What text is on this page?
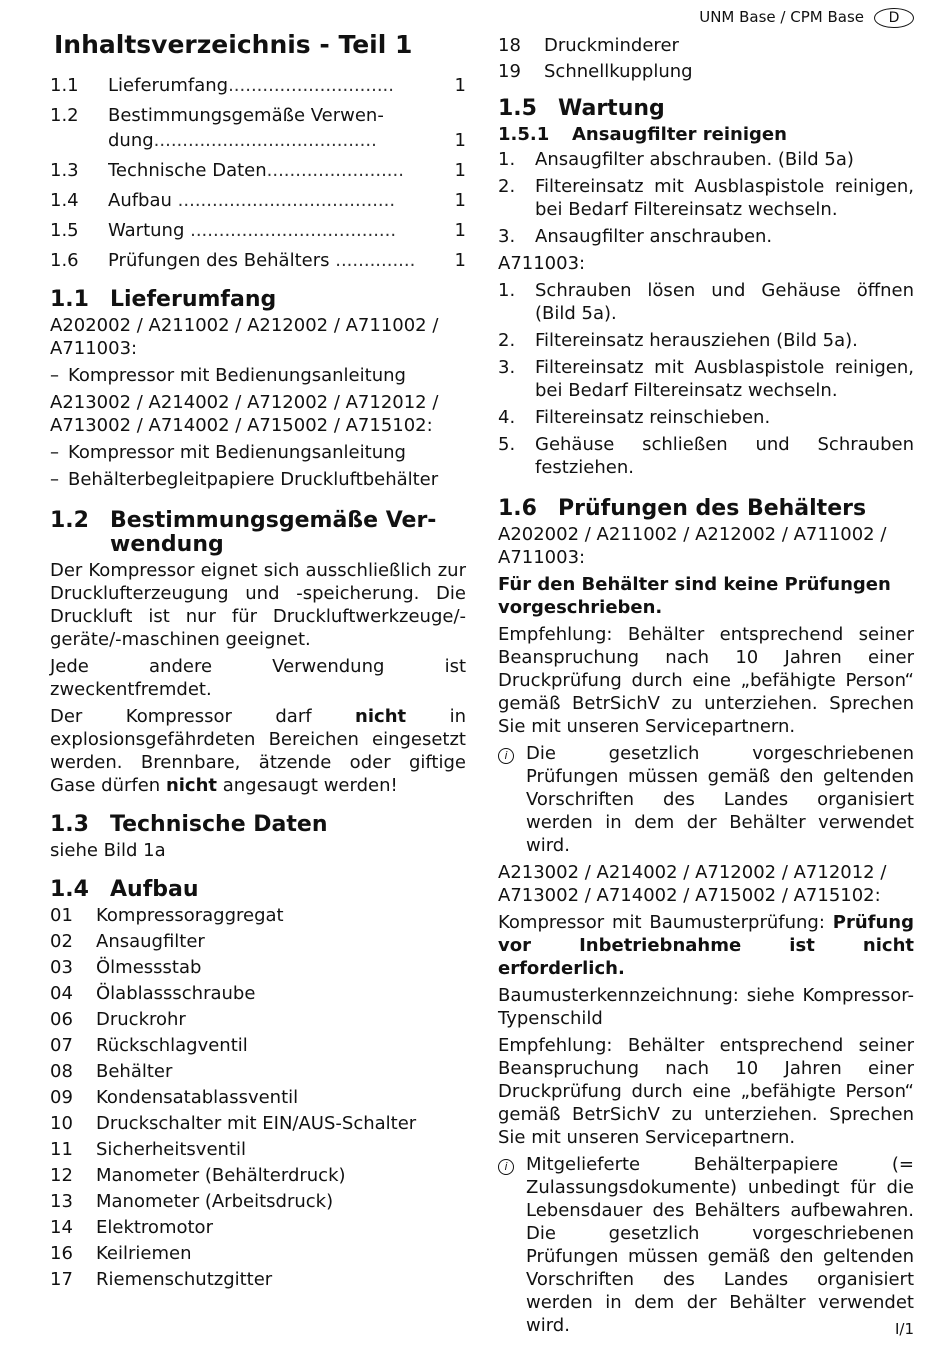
UNM Base / CPM Base D
Inhaltsverzeichnis - Teil 1
1.1	Lieferumfang.............................	1
1.2	Bestimmungsgemäße Verwen-
dung.......................................	1
1.3	Technische Daten........................	1
1.4	Aufbau ......................................	1
1.5	Wartung ....................................	1
1.6	Prüfungen des Behälters ..............	1
1.1 Lieferumfang

A202002 / A211002 / A212002 / A711002 / A711003:

– Kompressor mit Bedienungsanleitung

A213002 / A214002 / A712002 / A712012 / A713002 / A714002 / A715002 / A715102:

– Kompressor mit Bedienungsanleitung
– Behälterbegleitpapiere Druckluftbehälter
1.2 Bestimmungsgemäße Ver-
wendung

Der Kompressor eignet sich ausschließlich zur Drucklufterzeugung und -speicherung. Die Druckluft ist nur für Druckluftwerkzeuge/-geräte/-maschinen geeignet.

Jede andere Verwendung ist zweckentfremdet.

Der Kompressor darf nicht in explosionsgefährdeten Bereichen eingesetzt werden. Brennbare, ätzende oder giftige Gase dürfen nicht angesaugt werden!

1.3 Technische Daten

siehe Bild 1a

1.4 Aufbau
01	Kompressoraggregat
02	Ansaugfilter
03	Ölmessstab
04	Ölablassschraube
06	Druckrohr
07	Rückschlagventil
08	Behälter
09	Kondensatablassventil
10	Druckschalter mit EIN/AUS-Schalter
11	Sicherheitsventil
12	Manometer (Behälterdruck)
13	Manometer (Arbeitsdruck)
14	Elektromotor
16	Keilriemen
17	Riemenschutzgitter
18	Druckminderer
19	Schnellkupplung
1.5 Wartung
1.5.1	Ansaugfilter reinigen
1.	Ansaugfilter abschrauben. (Bild 5a)
2.	Filtereinsatz mit Ausblaspistole reinigen, bei Bedarf Filtereinsatz wechseln.
3.	Ansaugfilter anschrauben.

A711003:

1.	Schrauben lösen und Gehäuse öffnen (Bild 5a).
2.	Filtereinsatz herausziehen (Bild 5a).
3.	Filtereinsatz mit Ausblaspistole reinigen, bei Bedarf Filtereinsatz wechseln.
4.	Filtereinsatz reinschieben.
5.	Gehäuse schließen und Schrauben festziehen.
1.6 Prüfungen des Behälters

A202002 / A211002 / A212002 / A711002 / A711003:

Für den Behälter sind keine Prüfungen vorgeschrieben.

Empfehlung: Behälter entsprechend seiner Beanspruchung nach 10 Jahren einer Druckprüfung durch eine „befähigte Person“ gemäß BetrSichV zu unterziehen. Sprechen Sie mit unseren Servicepartnern.

i	Die gesetzlich vorgeschriebenen Prüfungen müssen gemäß den geltenden Vorschriften des Landes organisiert werden in dem der Behälter verwendet wird.

A213002 / A214002 / A712002 / A712012 / A713002 / A714002 / A715002 / A715102:

Kompressor mit Baumusterprüfung: Prüfung vor Inbetriebnahme ist nicht erforderlich.

Baumusterkennzeichnung: siehe Kompressor-Typenschild

Empfehlung: Behälter entsprechend seiner Beanspruchung nach 10 Jahren einer Druckprüfung durch eine „befähigte Person“ gemäß BetrSichV zu unterziehen. Sprechen Sie mit unseren Servicepartnern.

i	Mitgelieferte Behälterpapiere (= Zulassungsdokumente) unbedingt für die Lebensdauer des Behälters aufbewahren. Die gesetzlich vorgeschriebenen Prüfungen müssen gemäß den geltenden Vorschriften des Landes organisiert werden in dem der Behälter verwendet wird.	I/1
